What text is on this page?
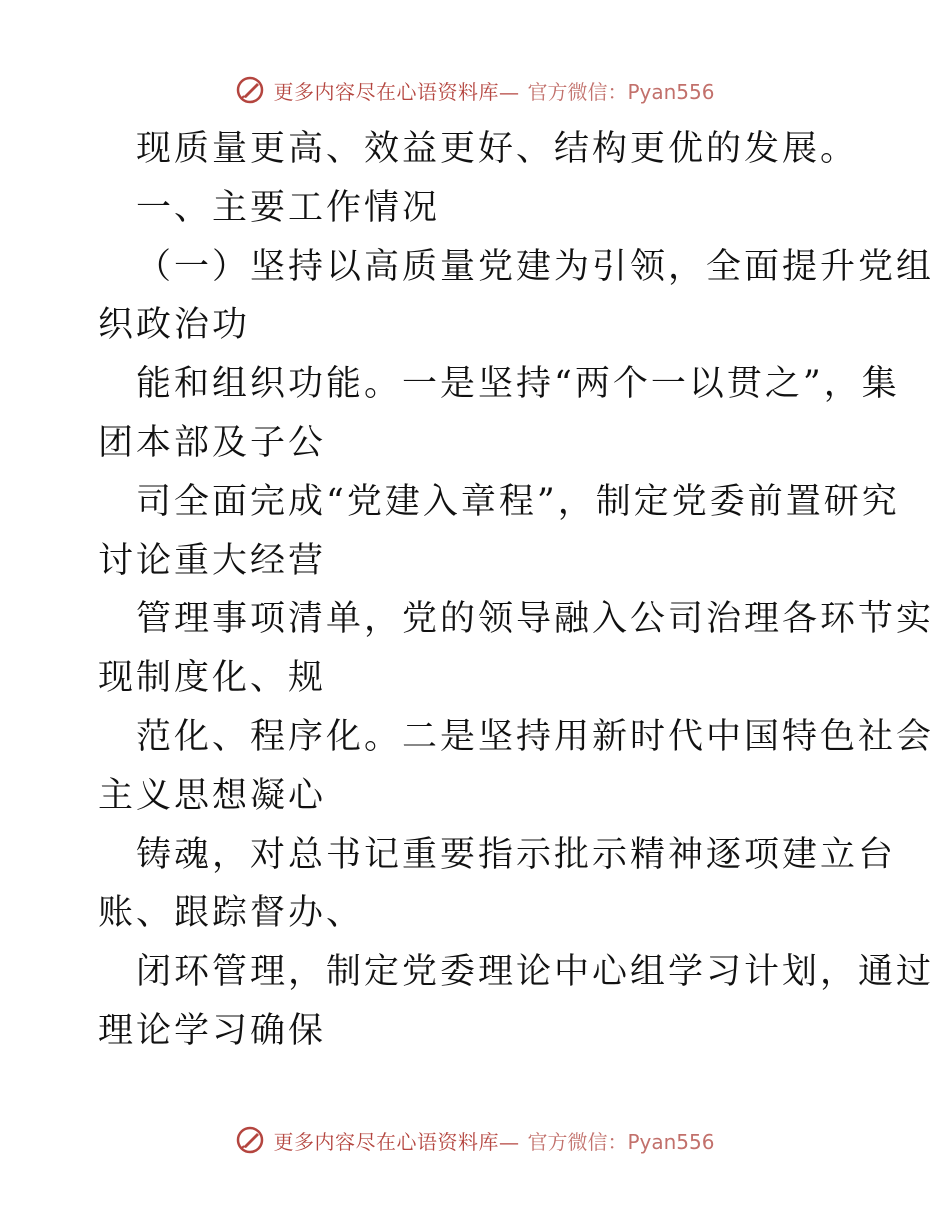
更多内容尽在心语资料库— 官方微信：Pyan556
现质量更高、效益更好、结构更优的发展。
一、主要工作情况
（一）坚持以高质量党建为引领，全面提升党组
织政治功
能和组织功能。一是坚持“两个一以贯之”，集
团本部及子公
司全面完成“党建入章程”，制定党委前置研究
讨论重大经营
管理事项清单，党的领导融入公司治理各环节实
现制度化、规
范化、程序化。二是坚持用新时代中国特色社会
主义思想凝心
铸魂，对总书记重要指示批示精神逐项建立台
账、跟踪督办、
闭环管理，制定党委理论中心组学习计划，通过
理论学习确保
更多内容尽在心语资料库— 官方微信：Pyan556
